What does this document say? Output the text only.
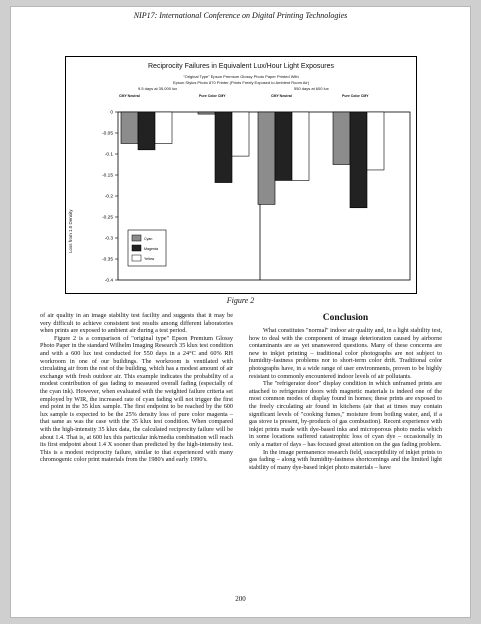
NIP17: International Conference on Digital Printing Technologies
0
-0.05
-0.1
-0.15
-0.2
-0.25
-0.3
-0.35
-0.4
Cyan
Magenta
Yellow
Reciprocity Failures in Equivalent Lux/Hour Light Exposures
"Original Type" Epson Premium Glossy Photo Paper Printed With
Epson Stylus Photo 870 Printer (Prints Freely Exposed to Ambient Room Air)
9.5 days at 35,000 lux	550 days at 600 lux
CMY Neutral	Pure Color CMY	CMY Neutral	Pure Color CMY
Loss from 1.0 Density
Figure 2

of air quality in an image stability test facility and suggests that it may be very difficult to achieve consistent test results among different laboratories when prints are exposed to ambient air during a test period.

Figure 2 is a comparison of "original type" Epson Premium Glossy Photo Paper in the standard Wilhelm Imaging Research 35 klux test condition and with a 600 lux test conducted for 550 days in a 24°C and 60% RH workroom in one of our buildings. The workroom is ventilated with circulating air from the rest of the building, which has a modest amount of air exchange with fresh outdoor air. This example indicates the probability of a modest contribution of gas fading to measured overall fading (especially of the cyan ink). However, when evaluated with the weighted failure criteria set employed by WIR, the increased rate of cyan fading will not trigger the first end point in the 35 klux sample. The first endpoint to be reached by the 600 lux sample is expected to be the 25% density loss of pure color magenta – that same as was the case with the 35 klux test condition. When compared with the high-intensity 35 klux data, the calculated reciprocity failure will be about 1.4. That is, at 600 lux this particular ink/media combination will reach its first endpoint about 1.4 X sooner than predicted by the high-intensity test. This is a modest reciprocity failure, similar to that experienced with many chromogenic color print materials from the 1980's and early 1990's.

Conclusion

What constitutes "normal" indoor air quality and, in a light stability test, how to deal with the component of image deterioration caused by airborne contaminants are as yet unanswered questions. Many of these concerns are new to inkjet printing – traditional color photographs are not subject to humidity-fastness problems nor to short-term color drift. Traditional color photographs have, in a wide range of user environments, proven to be highly resistant to commonly encountered indoor levels of air pollutants.

The "refrigerator door" display condition in which unframed prints are attached to refrigerator doors with magnetic materials is indeed one of the most common modes of display found in homes; these prints are exposed to the freely circulating air found in kitchens (air that at times may contain significant levels of "cooking fumes," moisture from boiling water, and, if a gas stove is present, by-products of gas combustion). Recent experience with inkjet prints made with dye-based inks and microporous photo media which in some locations suffered catastrophic loss of cyan dye – occasionally in only a matter of days – has focused great attention on the gas fading problem.

In the image permanence research field, susceptibility of inkjet prints to gas fading – along with humidity-fastness shortcomings and the limited light stability of many dye-based inkjet photo materials – have

200
